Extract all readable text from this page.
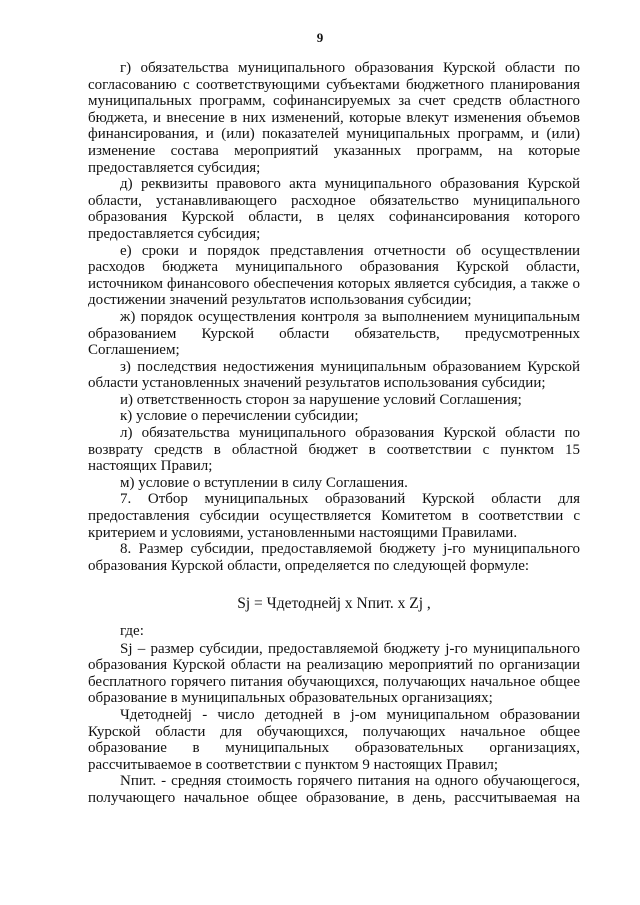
9

г) обязательства муниципального образования Курской области по согласованию с соответствующими субъектами бюджетного планирования муниципальных программ, софинансируемых за счет средств областного бюджета, и внесение в них изменений, которые влекут изменения объемов финансирования, и (или) показателей муниципальных программ, и (или) изменение состава мероприятий указанных программ, на которые предоставляется субсидия;

д) реквизиты правового акта муниципального образования Курской области, устанавливающего расходное обязательство муниципального образования Курской области, в целях софинансирования которого предоставляется субсидия;

е) сроки и порядок представления отчетности об осуществлении расходов бюджета муниципального образования Курской области, источником финансового обеспечения которых является субсидия, а также о достижении значений результатов использования субсидии;

ж) порядок осуществления контроля за выполнением муниципальным образованием Курской области обязательств, предусмотренных Соглашением;

з) последствия недостижения муниципальным образованием Курской области установленных значений результатов использования субсидии;

и) ответственность сторон за нарушение условий Соглашения;

к) условие о перечислении субсидии;

л) обязательства муниципального образования Курской области по возврату средств в областной бюджет в соответствии с пунктом 15 настоящих Правил;

м) условие о вступлении в силу Соглашения.

7. Отбор муниципальных образований Курской области для предоставления субсидии осуществляется Комитетом в соответствии с критерием и условиями, установленными настоящими Правилами.

8. Размер субсидии, предоставляемой бюджету j-го муниципального образования Курской области, определяется по следующей формуле:

Sj = Чдетоднейj х Nпит. х Zj ,

где:

Sj – размер субсидии, предоставляемой бюджету j-го муниципального образования Курской области на реализацию мероприятий по организации бесплатного горячего питания обучающихся, получающих начальное общее образование в муниципальных образовательных организациях;

Чдетоднейj - число детодней в j-ом муниципальном образовании Курской области для обучающихся, получающих начальное общее образование в муниципальных образовательных организациях, рассчитываемое в соответствии с пунктом 9 настоящих Правил;

Nпит. - средняя стоимость горячего питания на одного обучающегося, получающего начальное общее образование, в день, рассчитываемая на
